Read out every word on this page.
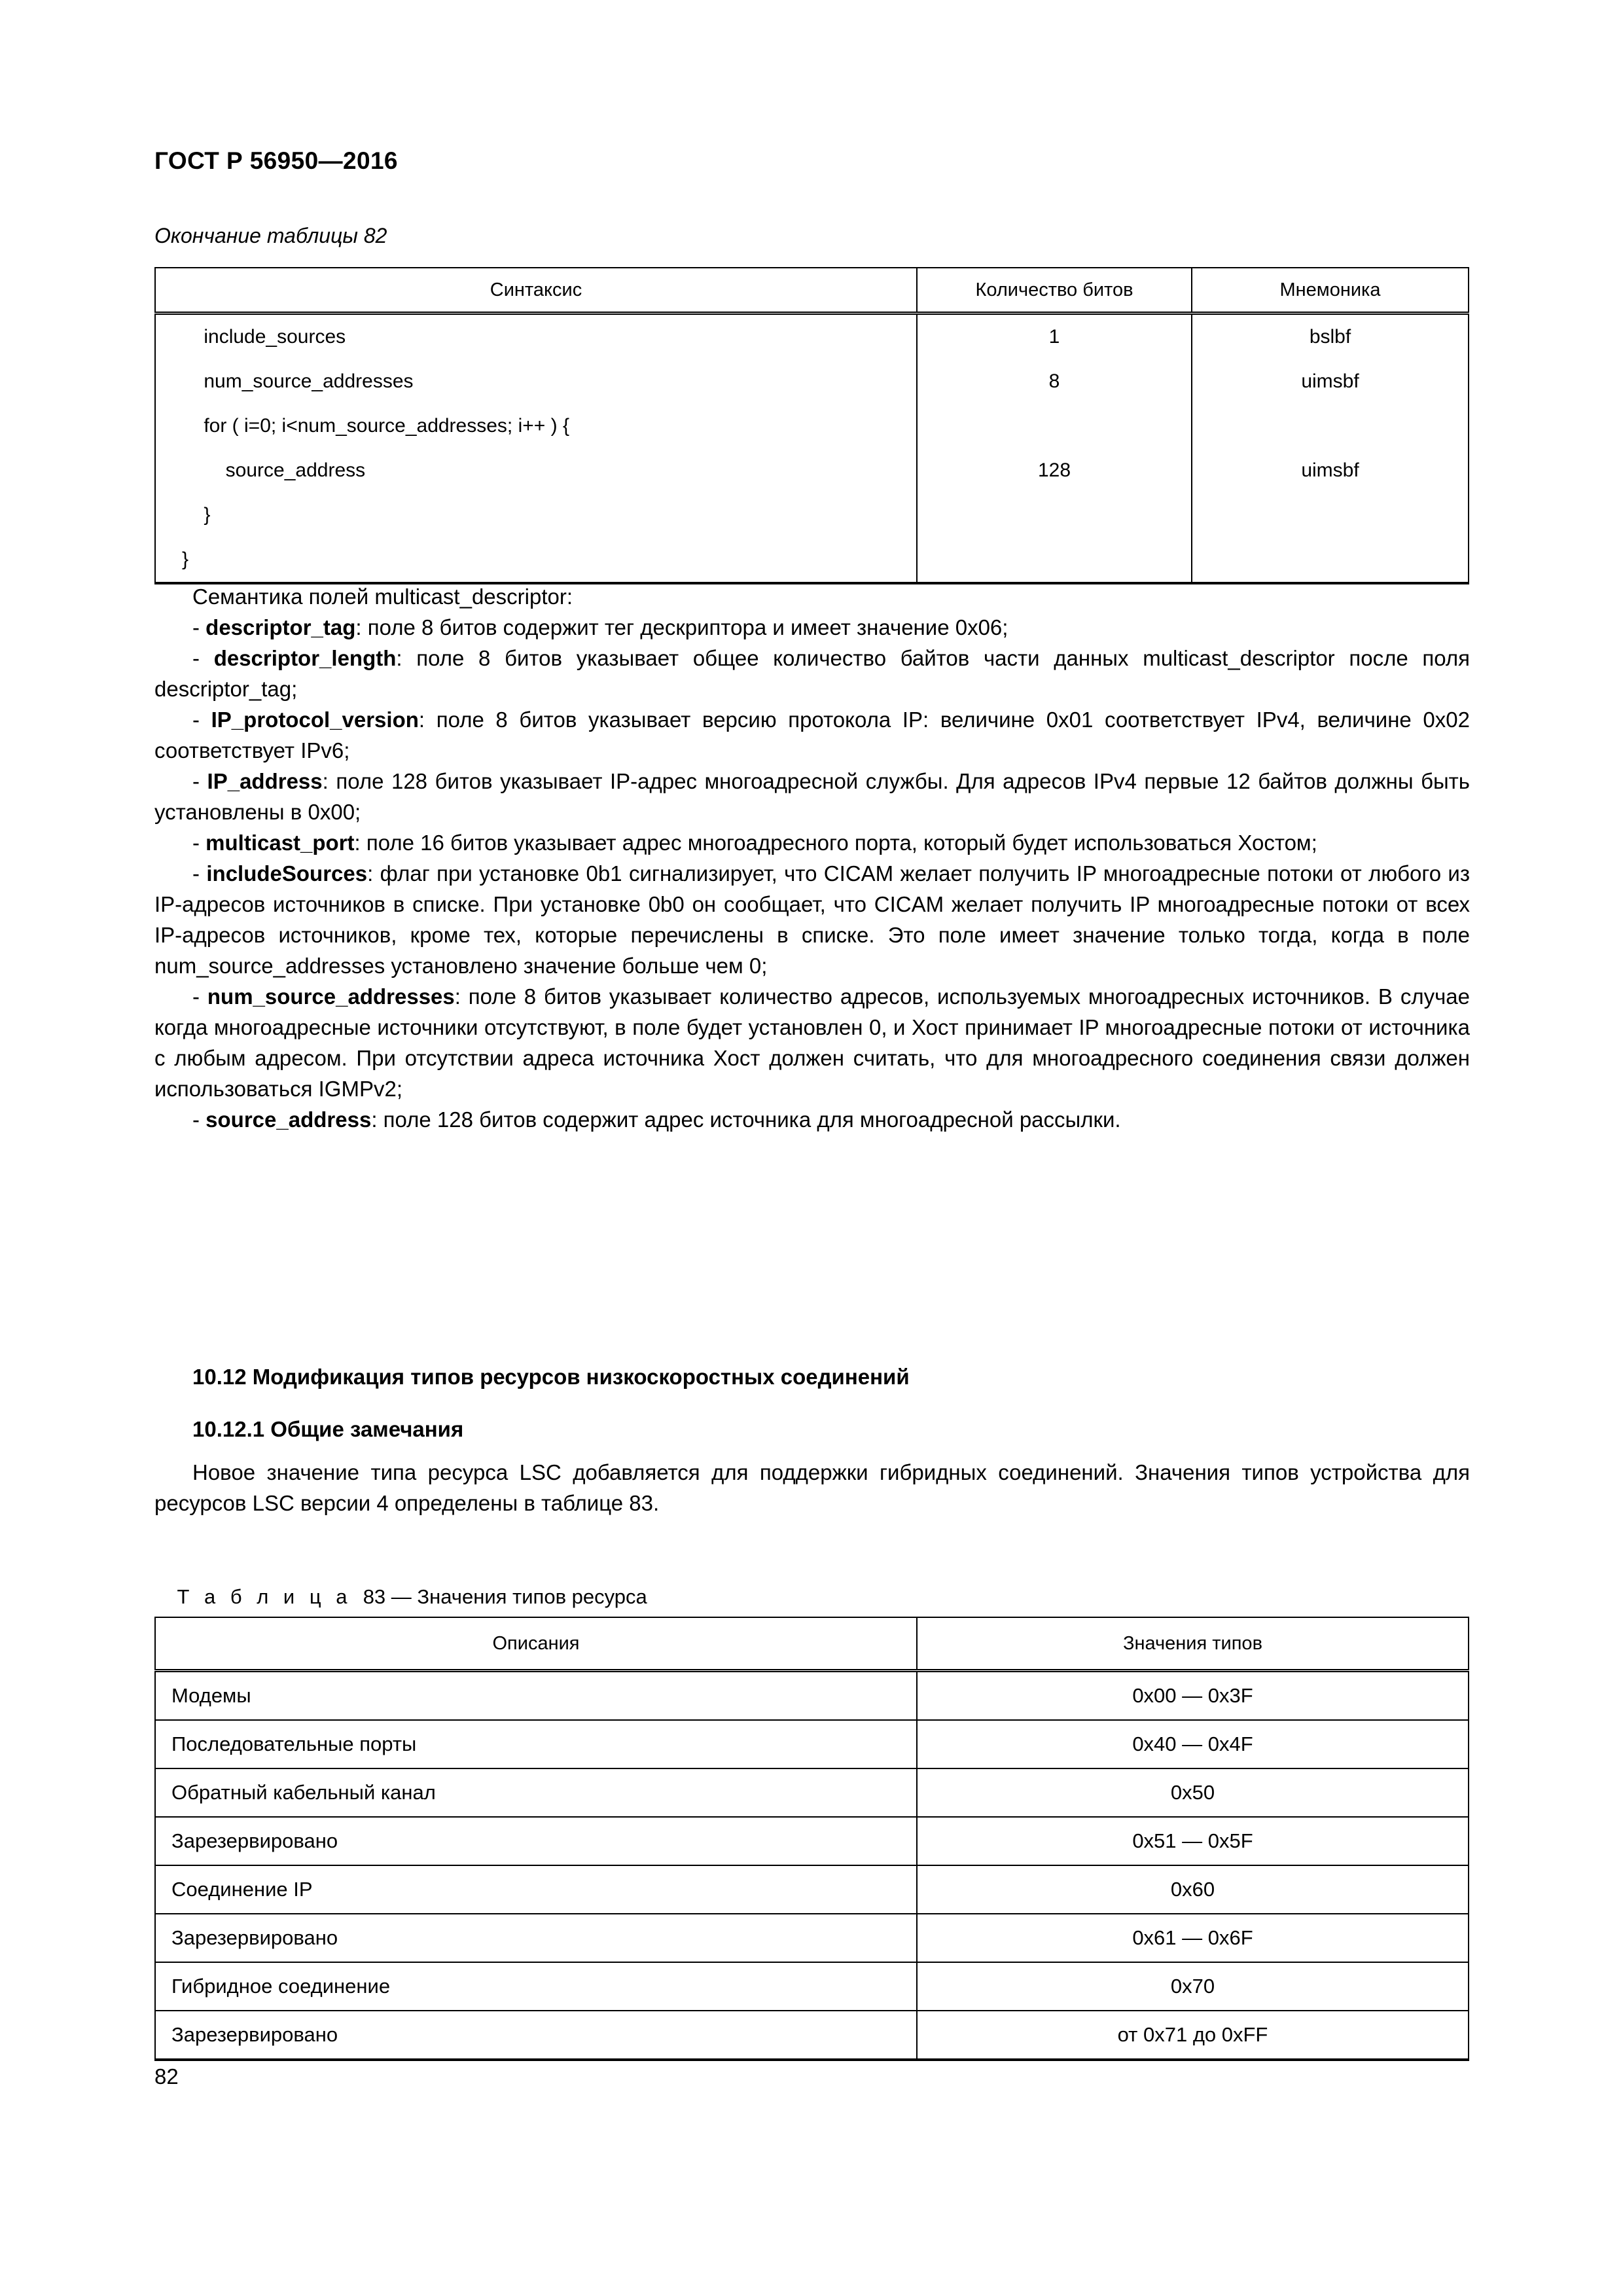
ГОСТ Р 56950—2016
Окончание таблицы 82
Синтаксис	Количество битов	Мнемоника
include_sources	1	bslbf
num_source_addresses	8	uimsbf
for ( i=0; i<num_source_addresses; i++ ) {		
source_address	128	uimsbf
}		
}		

Семантика полей multicast_descriptor:

- descriptor_tag: поле 8 битов содержит тег дескриптора и имеет значение 0x06;

- descriptor_length: поле 8 битов указывает общее количество байтов части данных multicast_descriptor после поля descriptor_tag;

- IP_protocol_version: поле 8 битов указывает версию протокола IP: величине 0x01 соответствует IPv4, величине 0x02 соответствует IPv6;

- IP_address: поле 128 битов указывает IP-адрес многоадресной службы. Для адресов IPv4 первые 12 байтов должны быть установлены в 0x00;

- multicast_port: поле 16 битов указывает адрес многоадресного порта, который будет использоваться Хостом;

- includeSources: флаг при установке 0b1 сигнализирует, что CICAM желает получить IP многоадресные потоки от любого из IP-адресов источников в списке. При установке 0b0 он сообщает, что CICAM желает получить IP многоадресные потоки от всех IP-адресов источников, кроме тех, которые перечислены в списке. Это поле имеет значение только тогда, когда в поле num_source_addresses установлено значение больше чем 0;

- num_source_addresses: поле 8 битов указывает количество адресов, используемых многоадресных источников. В случае когда многоадресные источники отсутствуют, в поле будет установлен 0, и Хост принимает IP многоадресные потоки от источника с любым адресом. При отсутствии адреса источника Хост должен считать, что для многоадресного соединения связи должен использоваться IGMPv2;

- source_address: поле 128 битов содержит адрес источника для многоадресной рассылки.

10.12 Модификация типов ресурсов низкоскоростных соединений
10.12.1 Общие замечания

Новое значение типа ресурса LSC добавляется для поддержки гибридных соединений. Значения типов устройства для ресурсов LSC версии 4 определены в таблице 83.

Т а б л и ц а  83 — Значения типов ресурса

Описания	Значения типов
Модемы	0x00 — 0x3F
Последовательные порты	0x40 — 0x4F
Обратный кабельный канал	0x50
Зарезервировано	0x51 — 0x5F
Соединение IP	0x60
Зарезервировано	0x61 — 0x6F
Гибридное соединение	0x70
Зарезервировано	от 0x71 до 0xFF
82
